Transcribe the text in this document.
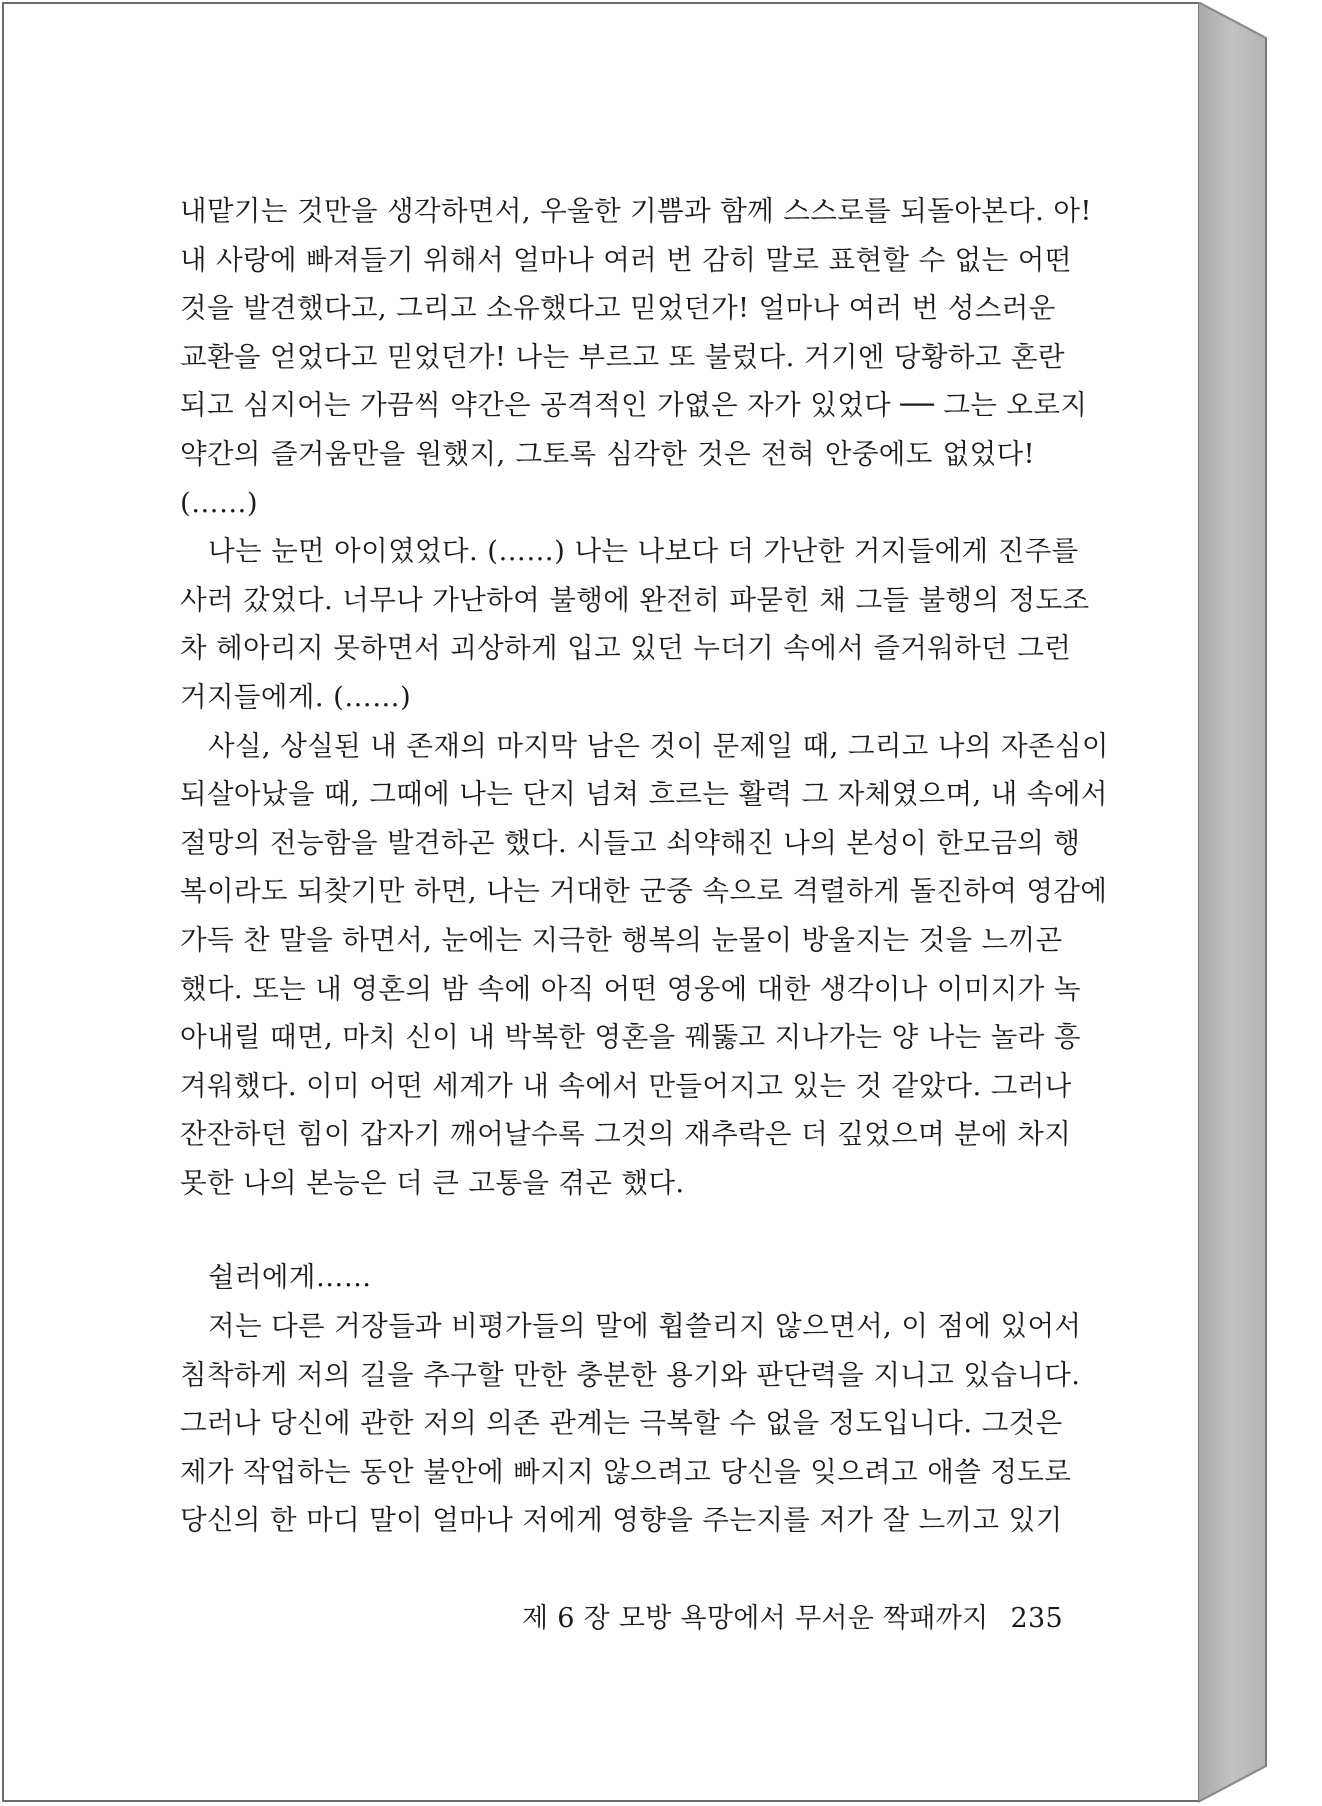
내맡기는 것만을 생각하면서, 우울한 기쁨과 함께 스스로를 되돌아본다. 아!
내 사랑에 빠져들기 위해서 얼마나 여러 번 감히 말로 표현할 수 없는 어떤
것을 발견했다고, 그리고 소유했다고 믿었던가! 얼마나 여러 번 성스러운
교환을 얻었다고 믿었던가! 나는 부르고 또 불렀다. 거기엔 당황하고 혼란
되고 심지어는 가끔씩 약간은 공격적인 가엾은 자가 있었다 ── 그는 오로지
약간의 즐거움만을 원했지, 그토록 심각한 것은 전혀 안중에도 없었다!
(……)
나는 눈먼 아이였었다. (……) 나는 나보다 더 가난한 거지들에게 진주를
사러 갔었다. 너무나 가난하여 불행에 완전히 파묻힌 채 그들 불행의 정도조
차 헤아리지 못하면서 괴상하게 입고 있던 누더기 속에서 즐거워하던 그런
거지들에게. (……)
사실, 상실된 내 존재의 마지막 남은 것이 문제일 때, 그리고 나의 자존심이
되살아났을 때, 그때에 나는 단지 넘쳐 흐르는 활력 그 자체였으며, 내 속에서
절망의 전능함을 발견하곤 했다. 시들고 쇠약해진 나의 본성이 한모금의 행
복이라도 되찾기만 하면, 나는 거대한 군중 속으로 격렬하게 돌진하여 영감에
가득 찬 말을 하면서, 눈에는 지극한 행복의 눈물이 방울지는 것을 느끼곤
했다. 또는 내 영혼의 밤 속에 아직 어떤 영웅에 대한 생각이나 이미지가 녹
아내릴 때면, 마치 신이 내 박복한 영혼을 꿰뚫고 지나가는 양 나는 놀라 흥
겨워했다. 이미 어떤 세계가 내 속에서 만들어지고 있는 것 같았다. 그러나
잔잔하던 힘이 갑자기 깨어날수록 그것의 재추락은 더 깊었으며 분에 차지
못한 나의 본능은 더 큰 고통을 겪곤 했다.
쉴러에게……
저는 다른 거장들과 비평가들의 말에 휩쓸리지 않으면서, 이 점에 있어서
침착하게 저의 길을 추구할 만한 충분한 용기와 판단력을 지니고 있습니다.
그러나 당신에 관한 저의 의존 관계는 극복할 수 없을 정도입니다. 그것은
제가 작업하는 동안 불안에 빠지지 않으려고 당신을 잊으려고 애쓸 정도로
당신의 한 마디 말이 얼마나 저에게 영향을 주는지를 저가 잘 느끼고 있기
제 6 장 모방 욕망에서 무서운 짝패까지 235
